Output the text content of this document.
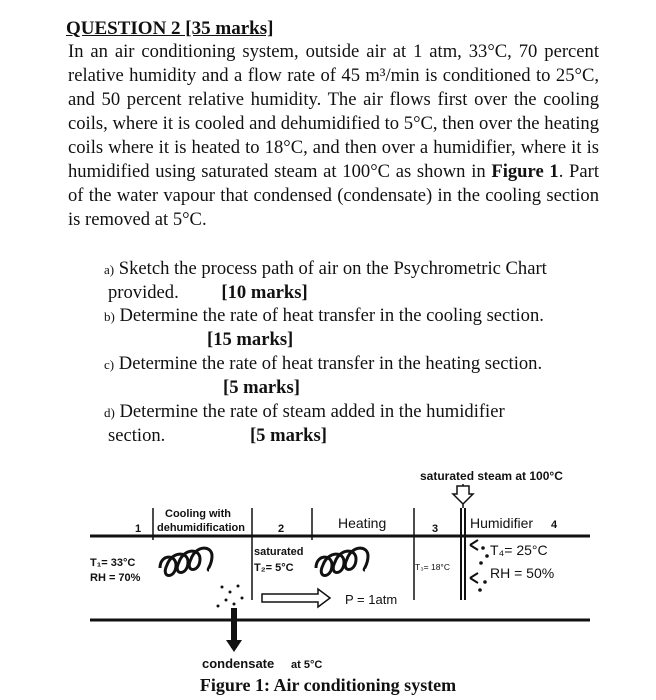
QUESTION 2 [35 marks]
In an air conditioning system, outside air at 1 atm, 33°C, 70 percent relative humidity and a flow rate of 45 m³/min is conditioned to 25°C, and 50 percent relative humidity. The air flows first over the cooling coils, where it is cooled and dehumidified to 5°C, then over the heating coils where it is heated to 18°C, and then over a humidifier, where it is humidified using saturated steam at 100°C as shown in Figure 1. Part of the water vapour that condensed (condensate) in the cooling section is removed at 5°C.
a) Sketch the process path of air on the Psychrometric Chart
provided. [10 marks]
b) Determine the rate of heat transfer in the cooling section.
[15 marks]
c) Determine the rate of heat transfer in the heating section.
[5 marks]
d) Determine the rate of steam added in the humidifier
section.	[5 marks]
saturated steam at 100°C
Cooling with
dehumidification	Heating	Humidifier
1	2	3	4
T₁= 33°C
RH = 70%
saturated
T₂= 5°C	T₃= 18°C
T₄= 25°C
RH = 50%
P = 1atm
condensate at 5°C
Figure 1: Air conditioning system
